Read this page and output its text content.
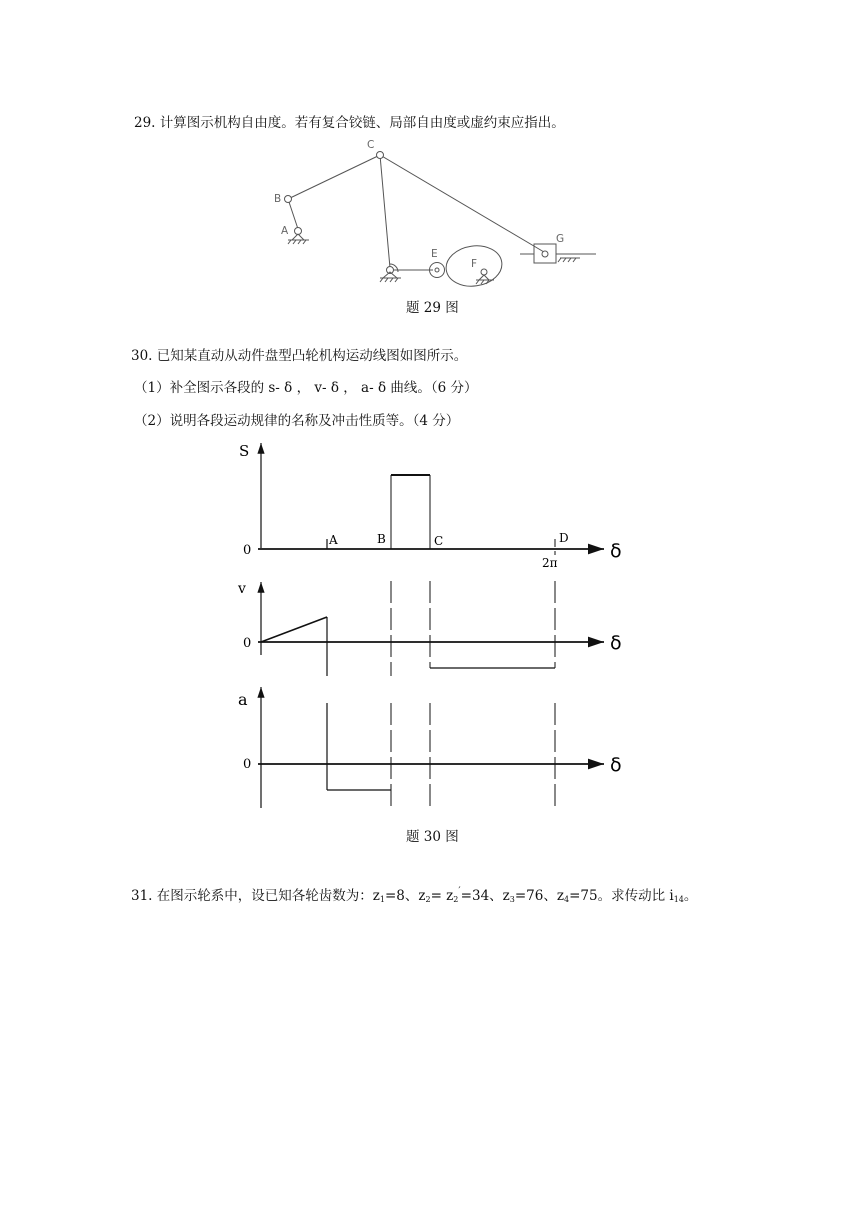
29. 计算图示机构自由度。若有复合铰链、局部自由度或虚约束应指出。
C
B
A
E
F
G
题 29 图
30. 已知某直动从动件盘型凸轮机构运动线图如图所示。
（1）补全图示各段的 s- δ ， v- δ ， a- δ 曲线。（6 分）
（2）说明各段运动规律的名称及冲击性质等。（4 分）
S
0	δ
A	B	C	D
2π
v
0	δ
a
0	δ
题 30 图
31. 在图示轮系中，设已知各轮齿数为：$z_1=8$、$z_2= z_2'=34$、$z_3=76$、$z_4=75$。求传动比 $i_{14}$。
